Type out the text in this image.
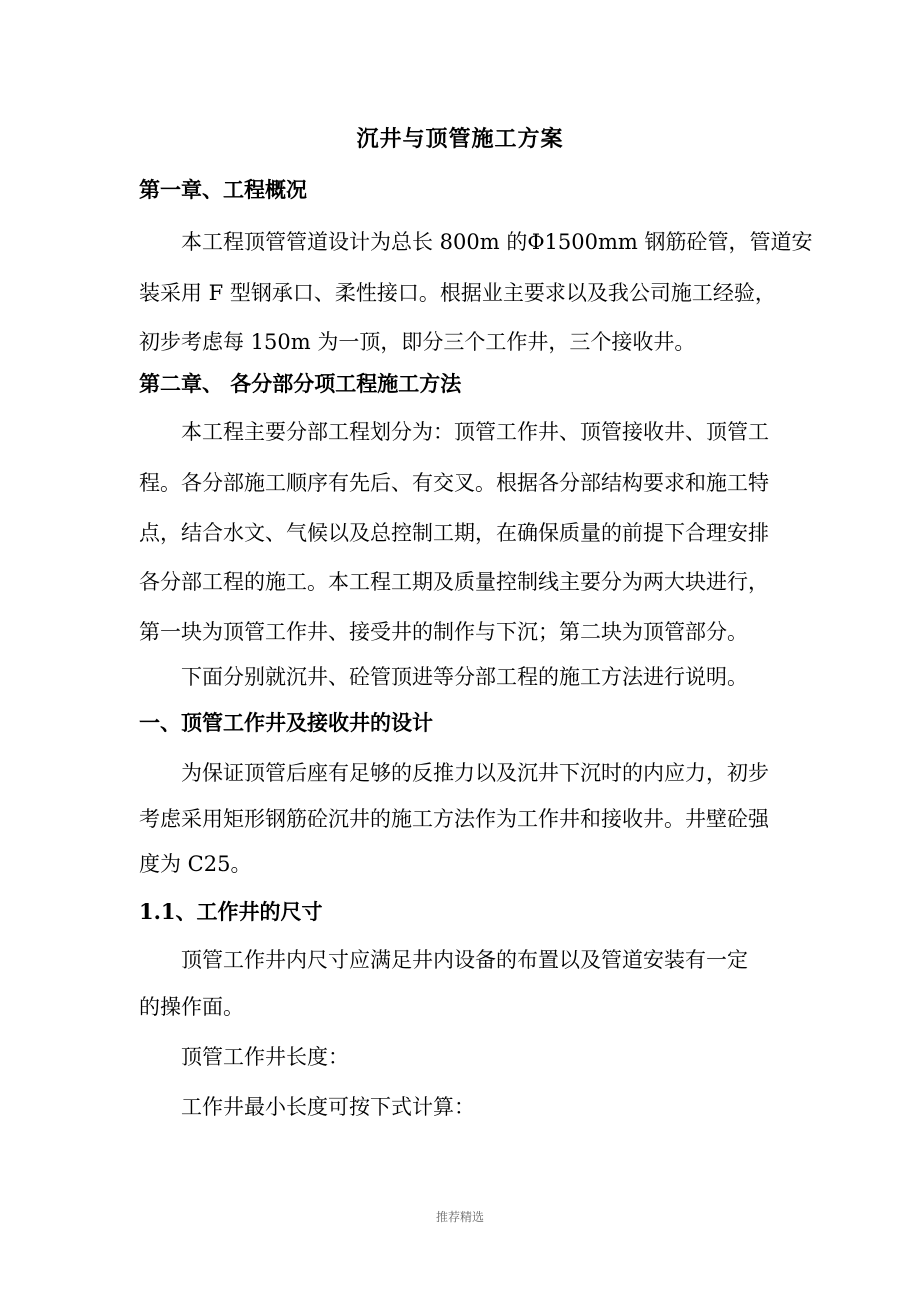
沉井与顶管施工方案
第一章、工程概况
本工程顶管管道设计为总长 800m 的Φ1500mm 钢筋砼管，管道安
装采用 F 型钢承口、柔性接口。根据业主要求以及我公司施工经验，
初步考虑每 150m 为一顶，即分三个工作井，三个接收井。
第二章、 各分部分项工程施工方法
本工程主要分部工程划分为：顶管工作井、顶管接收井、顶管工
程。各分部施工顺序有先后、有交叉。根据各分部结构要求和施工特
点，结合水文、气候以及总控制工期，在确保质量的前提下合理安排
各分部工程的施工。本工程工期及质量控制线主要分为两大块进行，
第一块为顶管工作井、接受井的制作与下沉；第二块为顶管部分。
下面分别就沉井、砼管顶进等分部工程的施工方法进行说明。
一、顶管工作井及接收井的设计
为保证顶管后座有足够的反推力以及沉井下沉时的内应力，初步
考虑采用矩形钢筋砼沉井的施工方法作为工作井和接收井。井壁砼强
度为 C25。
1.1、工作井的尺寸
顶管工作井内尺寸应满足井内设备的布置以及管道安装有一定
的操作面。
顶管工作井长度：
工作井最小长度可按下式计算：
推荐精选
